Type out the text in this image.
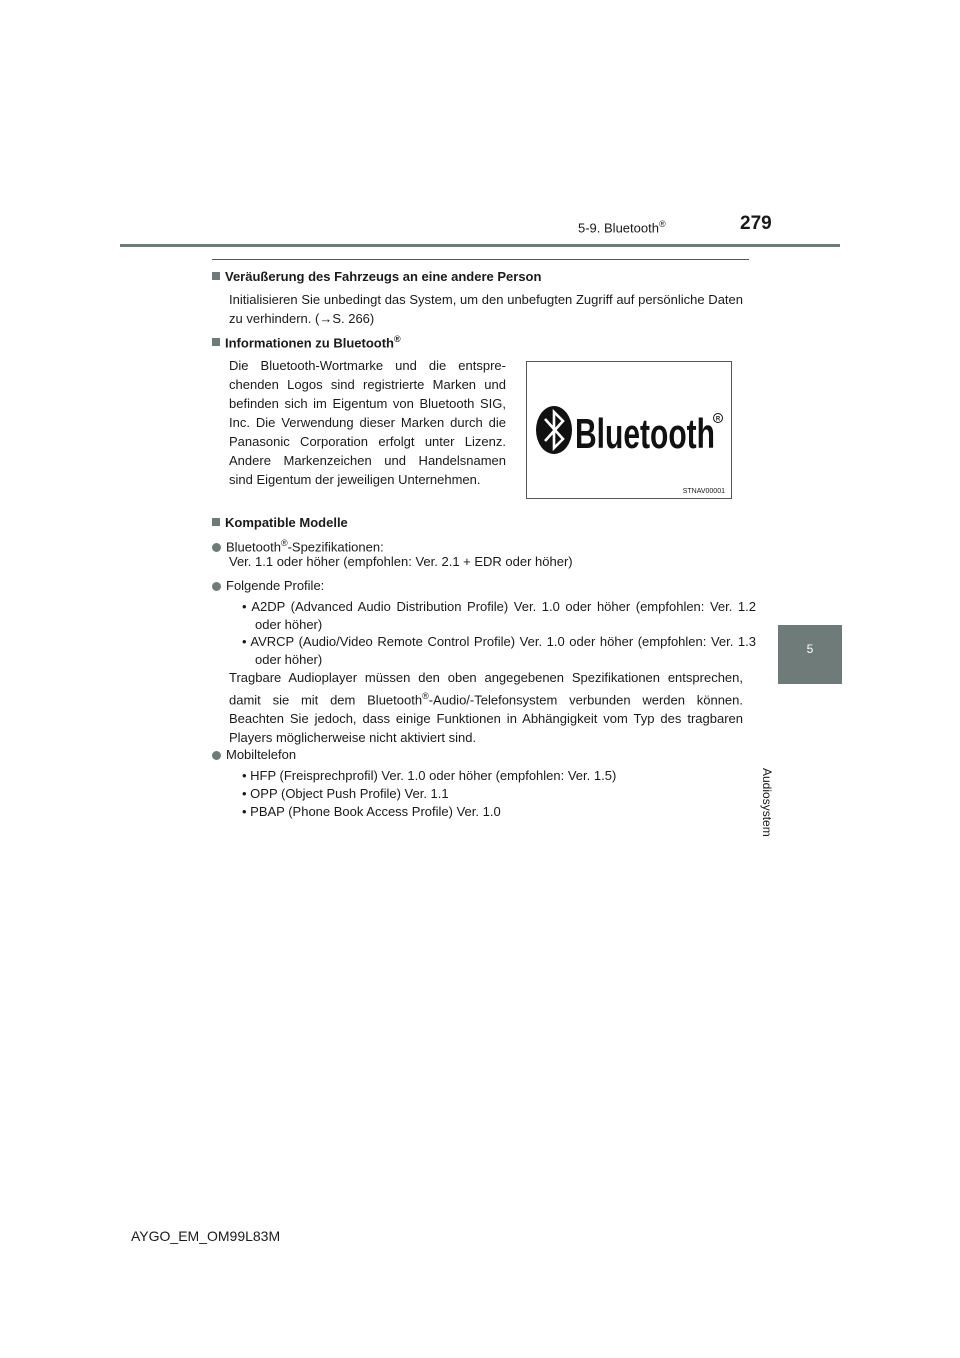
5-9. Bluetooth®	279
5
Audiosystem
Veräußerung des Fahrzeugs an eine andere Person
Initialisieren Sie unbedingt das System, um den unbefugten Zugriff auf persönliche Daten zu verhindern. (→S. 266)
Informationen zu Bluetooth®
Die Bluetooth-Wortmarke und die entsprechenden Logos sind registrierte Marken und befinden sich im Eigentum von Bluetooth SIG, Inc. Die Verwendung dieser Marken durch die Panasonic Corporation erfolgt unter Lizenz. Andere Markenzeichen und Handelsnamen sind Eigentum der jeweiligen Unternehmen.
Bluetooth R
STNAV00001
Kompatible Modelle
Bluetooth®-Spezifikationen:
Ver. 1.1 oder höher (empfohlen: Ver. 2.1 + EDR oder höher)
Folgende Profile:
• A2DP (Advanced Audio Distribution Profile) Ver. 1.0 oder höher (empfohlen: Ver. 1.2 oder höher)
• AVRCP (Audio/Video Remote Control Profile) Ver. 1.0 oder höher (empfohlen: Ver. 1.3 oder höher)
Tragbare Audioplayer müssen den oben angegebenen Spezifikationen entsprechen, damit sie mit dem Bluetooth®-Audio/-Telefonsystem verbunden werden können. Beachten Sie jedoch, dass einige Funktionen in Abhängigkeit vom Typ des tragbaren Players möglicherweise nicht aktiviert sind.
Mobiltelefon
• HFP (Freisprechprofil) Ver. 1.0 oder höher (empfohlen: Ver. 1.5)
• OPP (Object Push Profile) Ver. 1.1
• PBAP (Phone Book Access Profile) Ver. 1.0
AYGO_EM_OM99L83M
